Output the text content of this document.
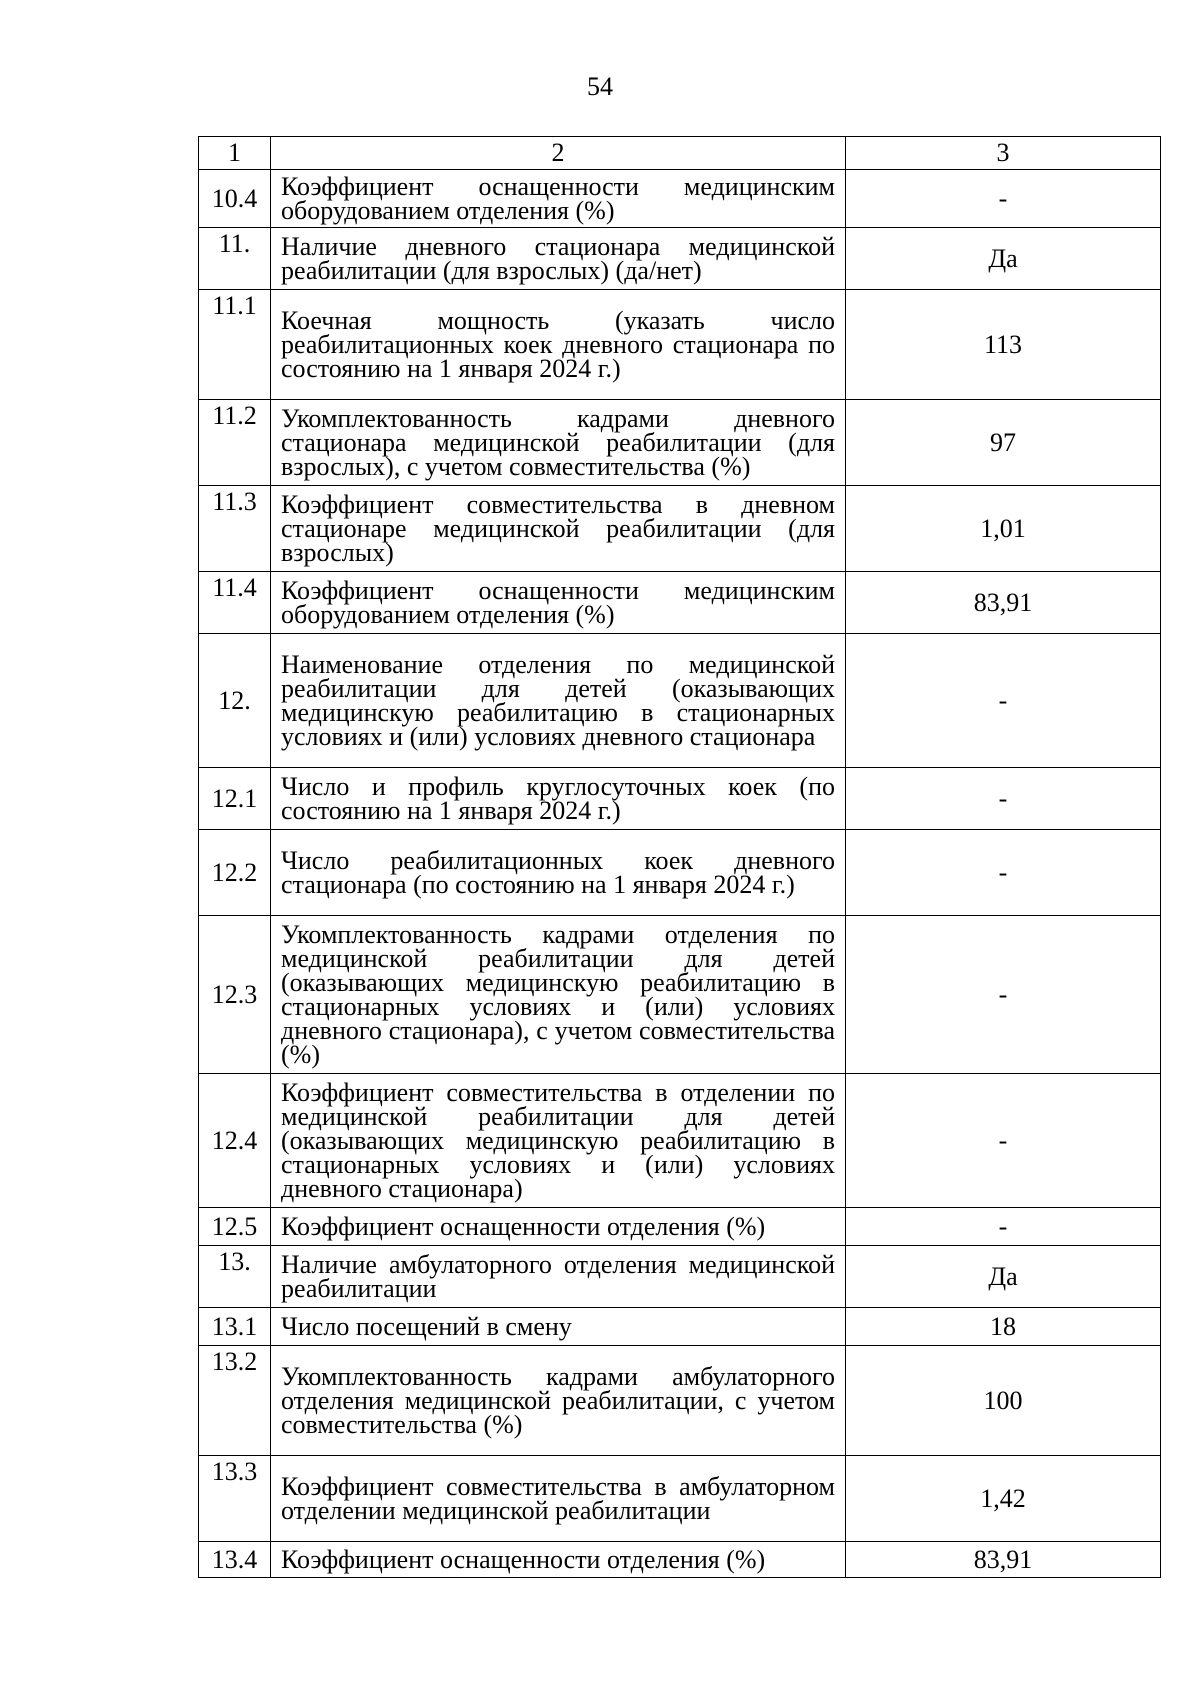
54
1	2	3
10.4	Коэффициент оснащенности медицинским оборудованием отделения (%)	-
11.	Наличие дневного стационара медицинской реабилитации (для взрослых) (да/нет)	Да
11.1	Коечная мощность (указать число реабилитационных коек дневного стационара по состоянию на 1 января 2024 г.)	113
11.2	Укомплектованность кадрами дневного стационара медицинской реабилитации (для взрослых), с учетом совместительства (%)	97
11.3	Коэффициент совместительства в дневном стационаре медицинской реабилитации (для взрослых)	1,01
11.4	Коэффициент оснащенности медицинским оборудованием отделения (%)	83,91
12.	Наименование отделения по медицинской реабилитации для детей (оказывающих медицинскую реабилитацию в стационарных условиях и (или) условиях дневного стационара	-
12.1	Число и профиль круглосуточных коек (по состоянию на 1 января 2024 г.)	-
12.2	Число реабилитационных коек дневного стационара (по состоянию на 1 января 2024 г.)	-
12.3	Укомплектованность кадрами отделения по медицинской реабилитации для детей (оказывающих медицинскую реабилитацию в стационарных условиях и (или) условиях дневного стационара), с учетом совместительства (%)	-
12.4	Коэффициент совместительства в отделении по медицинской реабилитации для детей (оказывающих медицинскую реабилитацию в стационарных условиях и (или) условиях дневного стационара)	-
12.5	Коэффициент оснащенности отделения (%)	-
13.	Наличие амбулаторного отделения медицинской реабилитации	Да
13.1	Число посещений в смену	18
13.2	Укомплектованность кадрами амбулаторного отделения медицинской реабилитации, с учетом совместительства (%)	100
13.3	Коэффициент совместительства в амбулаторном отделении медицинской реабилитации	1,42
13.4	Коэффициент оснащенности отделения (%)	83,91
